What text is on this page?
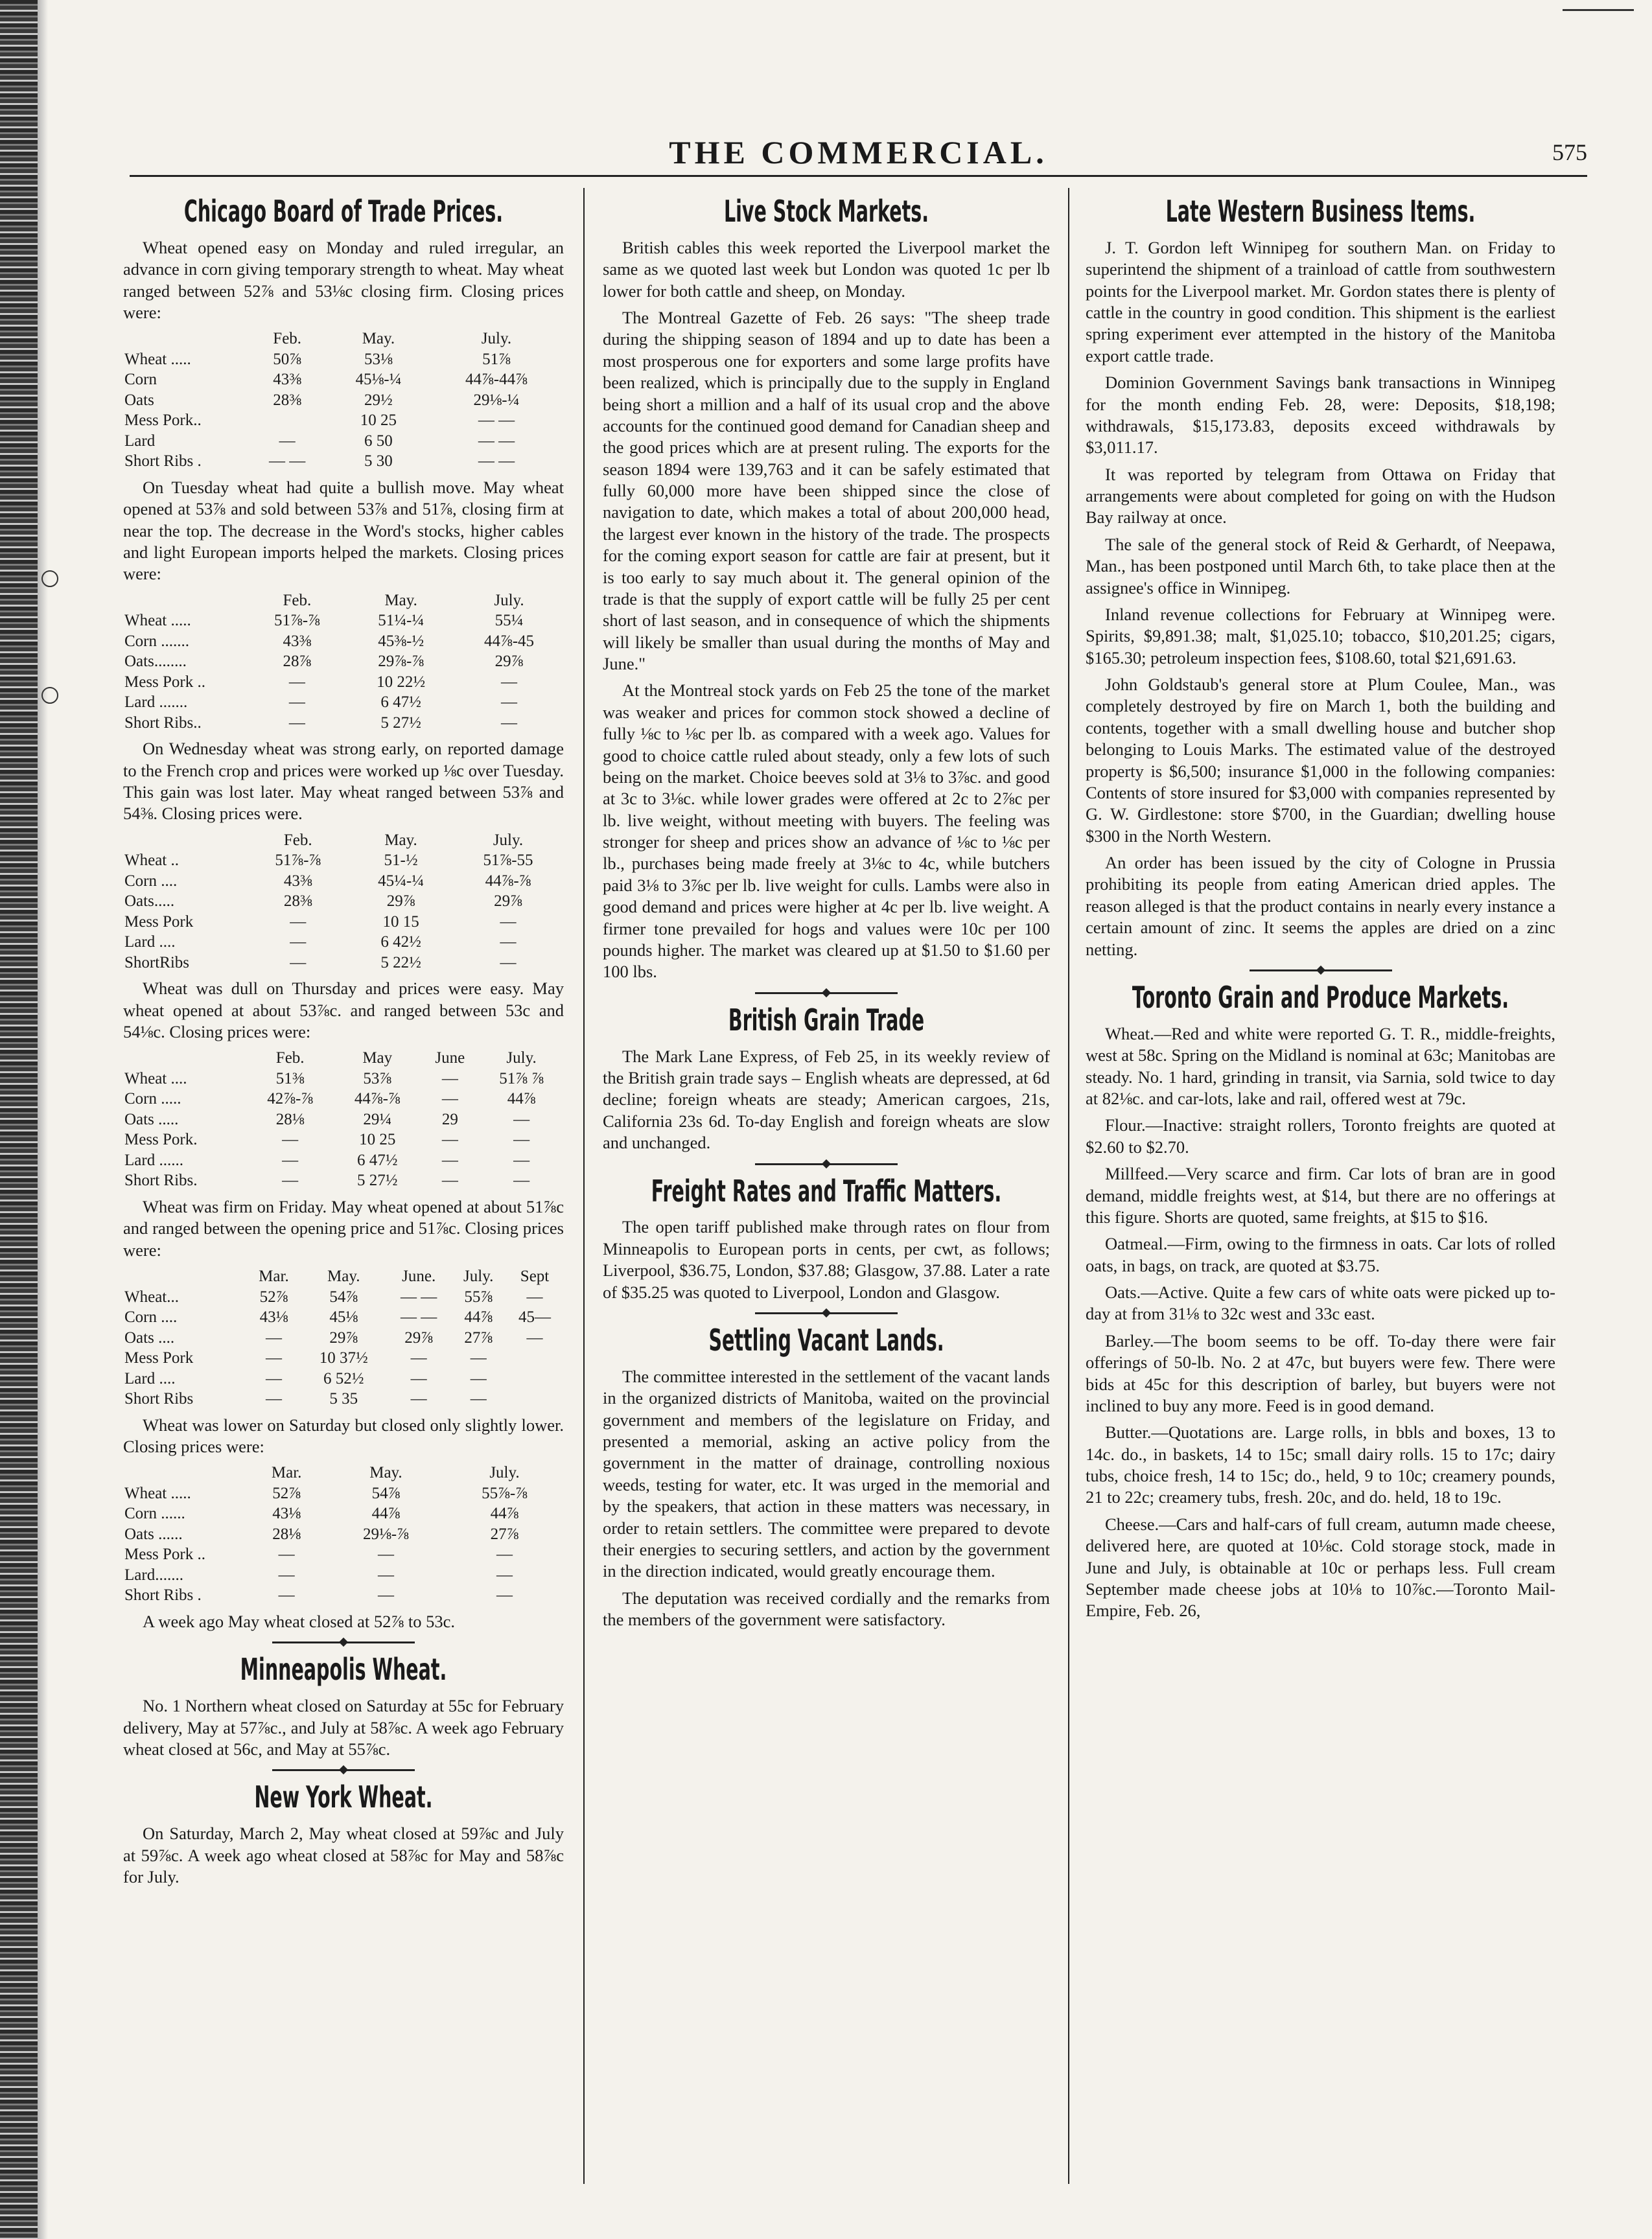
THE COMMERCIAL.	575
Chicago Board of Trade Prices.

Wheat opened easy on Monday and ruled irregular, an advance in corn giving temporary strength to wheat. May wheat ranged between 52⅞ and 53⅛c closing firm. Closing prices were:

	Feb.	May.	July.
Wheat .....	50⅞	53⅛	51⅞
Corn	43⅜	45⅛-¼	44⅞-44⅞
Oats	28⅜	29½	29⅛-¼
Mess Pork..		10 25	— —
Lard	—	6 50	— —
Short Ribs .	— —	5 30	— —

On Tuesday wheat had quite a bullish move. May wheat opened at 53⅞ and sold between 53⅞ and 51⅞, closing firm at near the top. The decrease in the Word's stocks, higher cables and light European imports helped the markets. Closing prices were:

	Feb.	May.	July.
Wheat .....	51⅞-⅞	51¼-¼	55¼
Corn .......	43⅜	45⅜-½	44⅞-45
Oats........	28⅞	29⅞-⅞	29⅞
Mess Pork ..	—	10 22½	—
Lard .......	—	6 47½	—
Short Ribs..	—	5 27½	—

On Wednesday wheat was strong early, on reported damage to the French crop and prices were worked up ⅛c over Tuesday. This gain was lost later. May wheat ranged between 53⅞ and 54⅜. Closing prices were.

	Feb.	May.	July.
Wheat ..	51⅞-⅞	51-½	51⅞-55
Corn ....	43⅜	45¼-¼	44⅞-⅞
Oats.....	28⅜	29⅞	29⅞
Mess Pork	—	10 15	—
Lard ....	—	6 42½	—
ShortRibs	—	5 22½	—

Wheat was dull on Thursday and prices were easy. May wheat opened at about 53⅞c. and ranged between 53c and 54⅛c. Closing prices were:

	Feb.	May	June	July.
Wheat ....	51⅜	53⅞	—	51⅞ ⅞
Corn .....	42⅞-⅞	44⅞-⅞	—	44⅞
Oats .....	28⅛	29¼	29	—
Mess Pork.	—	10 25	—	—
Lard ......	—	6 47½	—	—
Short Ribs.	—	5 27½	—	—

Wheat was firm on Friday. May wheat opened at about 51⅞c and ranged between the opening price and 51⅞c. Closing prices were:

	Mar.	May.	June.	July.	Sept
Wheat...	52⅞	54⅞	— —	55⅞	—
Corn ....	43⅛	45⅛	— —	44⅞	45—
Oats ....	—	29⅞	29⅞	27⅞	—
Mess Pork	—	10 37½	—	—	
Lard ....	—	6 52½	—	—	
Short Ribs	—	5 35	—	—	

Wheat was lower on Saturday but closed only slightly lower. Closing prices were:

	Mar.	May.	July.
Wheat .....	52⅞	54⅞	55⅞-⅞
Corn ......	43⅛	44⅞	44⅞
Oats ......	28⅛	29⅛-⅞	27⅞
Mess Pork ..	—	—	—
Lard.......	—	—	—
Short Ribs .	—	—	—

A week ago May wheat closed at 52⅞ to 53c.

Minneapolis Wheat.

No. 1 Northern wheat closed on Saturday at 55c for February delivery, May at 57⅞c., and July at 58⅞c. A week ago February wheat closed at 56c, and May at 55⅞c.

New York Wheat.

On Saturday, March 2, May wheat closed at 59⅞c and July at 59⅞c. A week ago wheat closed at 58⅞c for May and 58⅞c for July.

Live Stock Markets.

British cables this week reported the Liverpool market the same as we quoted last week but London was quoted 1c per lb lower for both cattle and sheep, on Monday.

The Montreal Gazette of Feb. 26 says: "The sheep trade during the shipping season of 1894 and up to date has been a most prosperous one for exporters and some large profits have been realized, which is principally due to the supply in England being short a million and a half of its usual crop and the above accounts for the continued good demand for Canadian sheep and the good prices which are at present ruling. The exports for the season 1894 were 139,763 and it can be safely estimated that fully 60,000 more have been shipped since the close of navigation to date, which makes a total of about 200,000 head, the largest ever known in the history of the trade. The prospects for the coming export season for cattle are fair at present, but it is too early to say much about it. The general opinion of the trade is that the supply of export cattle will be fully 25 per cent short of last season, and in consequence of which the shipments will likely be smaller than usual during the months of May and June."

At the Montreal stock yards on Feb 25 the tone of the market was weaker and prices for common stock showed a decline of fully ⅛c to ⅛c per lb. as compared with a week ago. Values for good to choice cattle ruled about steady, only a few lots of such being on the market. Choice beeves sold at 3⅛ to 3⅞c. and good at 3c to 3⅛c. while lower grades were offered at 2c to 2⅞c per lb. live weight, without meeting with buyers. The feeling was stronger for sheep and prices show an advance of ⅛c to ⅛c per lb., purchases being made freely at 3⅛c to 4c, while butchers paid 3⅛ to 3⅞c per lb. live weight for culls. Lambs were also in good demand and prices were higher at 4c per lb. live weight. A firmer tone prevailed for hogs and values were 10c per 100 pounds higher. The market was cleared up at $1.50 to $1.60 per 100 lbs.

British Grain Trade

The Mark Lane Express, of Feb 25, in its weekly review of the British grain trade says – English wheats are depressed, at 6d decline; foreign wheats are steady; American cargoes, 21s, California 23s 6d. To-day English and foreign wheats are slow and unchanged.

Freight Rates and Traffic Matters.

The open tariff published make through rates on flour from Minneapolis to European ports in cents, per cwt, as follows; Liverpool, $36.75, London, $37.88; Glasgow, 37.88. Later a rate of $35.25 was quoted to Liverpool, London and Glasgow.

Settling Vacant Lands.

The committee interested in the settlement of the vacant lands in the organized districts of Manitoba, waited on the provincial government and members of the legislature on Friday, and presented a memorial, asking an active policy from the government in the matter of drainage, controlling noxious weeds, testing for water, etc. It was urged in the memorial and by the speakers, that action in these matters was necessary, in order to retain settlers. The committee were prepared to devote their energies to securing settlers, and action by the government in the direction indicated, would greatly encourage them.

The deputation was received cordially and the remarks from the members of the government were satisfactory.

Late Western Business Items.

J. T. Gordon left Winnipeg for southern Man. on Friday to superintend the shipment of a trainload of cattle from southwestern points for the Liverpool market. Mr. Gordon states there is plenty of cattle in the country in good condition. This shipment is the earliest spring experiment ever attempted in the history of the Manitoba export cattle trade.

Dominion Government Savings bank transactions in Winnipeg for the month ending Feb. 28, were: Deposits, $18,198; withdrawals, $15,173.83, deposits exceed withdrawals by $3,011.17.

It was reported by telegram from Ottawa on Friday that arrangements were about completed for going on with the Hudson Bay railway at once.

The sale of the general stock of Reid & Gerhardt, of Neepawa, Man., has been postponed until March 6th, to take place then at the assignee's office in Winnipeg.

Inland revenue collections for February at Winnipeg were. Spirits, $9,891.38; malt, $1,025.10; tobacco, $10,201.25; cigars, $165.30; petroleum inspection fees, $108.60, total $21,691.63.

John Goldstaub's general store at Plum Coulee, Man., was completely destroyed by fire on March 1, both the building and contents, together with a small dwelling house and butcher shop belonging to Louis Marks. The estimated value of the destroyed property is $6,500; insurance $1,000 in the following companies: Contents of store insured for $3,000 with companies represented by G. W. Girdlestone: store $700, in the Guardian; dwelling house $300 in the North Western.

An order has been issued by the city of Cologne in Prussia prohibiting its people from eating American dried apples. The reason alleged is that the product contains in nearly every instance a certain amount of zinc. It seems the apples are dried on a zinc netting.

Toronto Grain and Produce Markets.

Wheat.—Red and white were reported G. T. R., middle-freights, west at 58c. Spring on the Midland is nominal at 63c; Manitobas are steady. No. 1 hard, grinding in transit, via Sarnia, sold twice to day at 82⅛c. and car-lots, lake and rail, offered west at 79c.

Flour.—Inactive: straight rollers, Toronto freights are quoted at $2.60 to $2.70.

Millfeed.—Very scarce and firm. Car lots of bran are in good demand, middle freights west, at $14, but there are no offerings at this figure. Shorts are quoted, same freights, at $15 to $16.

Oatmeal.—Firm, owing to the firmness in oats. Car lots of rolled oats, in bags, on track, are quoted at $3.75.

Oats.—Active. Quite a few cars of white oats were picked up to-day at from 31⅛ to 32c west and 33c east.

Barley.—The boom seems to be off. To-day there were fair offerings of 50-lb. No. 2 at 47c, but buyers were few. There were bids at 45c for this description of barley, but buyers were not inclined to buy any more. Feed is in good demand.

Butter.—Quotations are. Large rolls, in bbls and boxes, 13 to 14c. do., in baskets, 14 to 15c; small dairy rolls. 15 to 17c; dairy tubs, choice fresh, 14 to 15c; do., held, 9 to 10c; creamery pounds, 21 to 22c; creamery tubs, fresh. 20c, and do. held, 18 to 19c.

Cheese.—Cars and half-cars of full cream, autumn made cheese, delivered here, are quoted at 10⅛c. Cold storage stock, made in June and July, is obtainable at 10c or perhaps less. Full cream September made cheese jobs at 10⅛ to 10⅞c.—Toronto Mail-Empire, Feb. 26,
